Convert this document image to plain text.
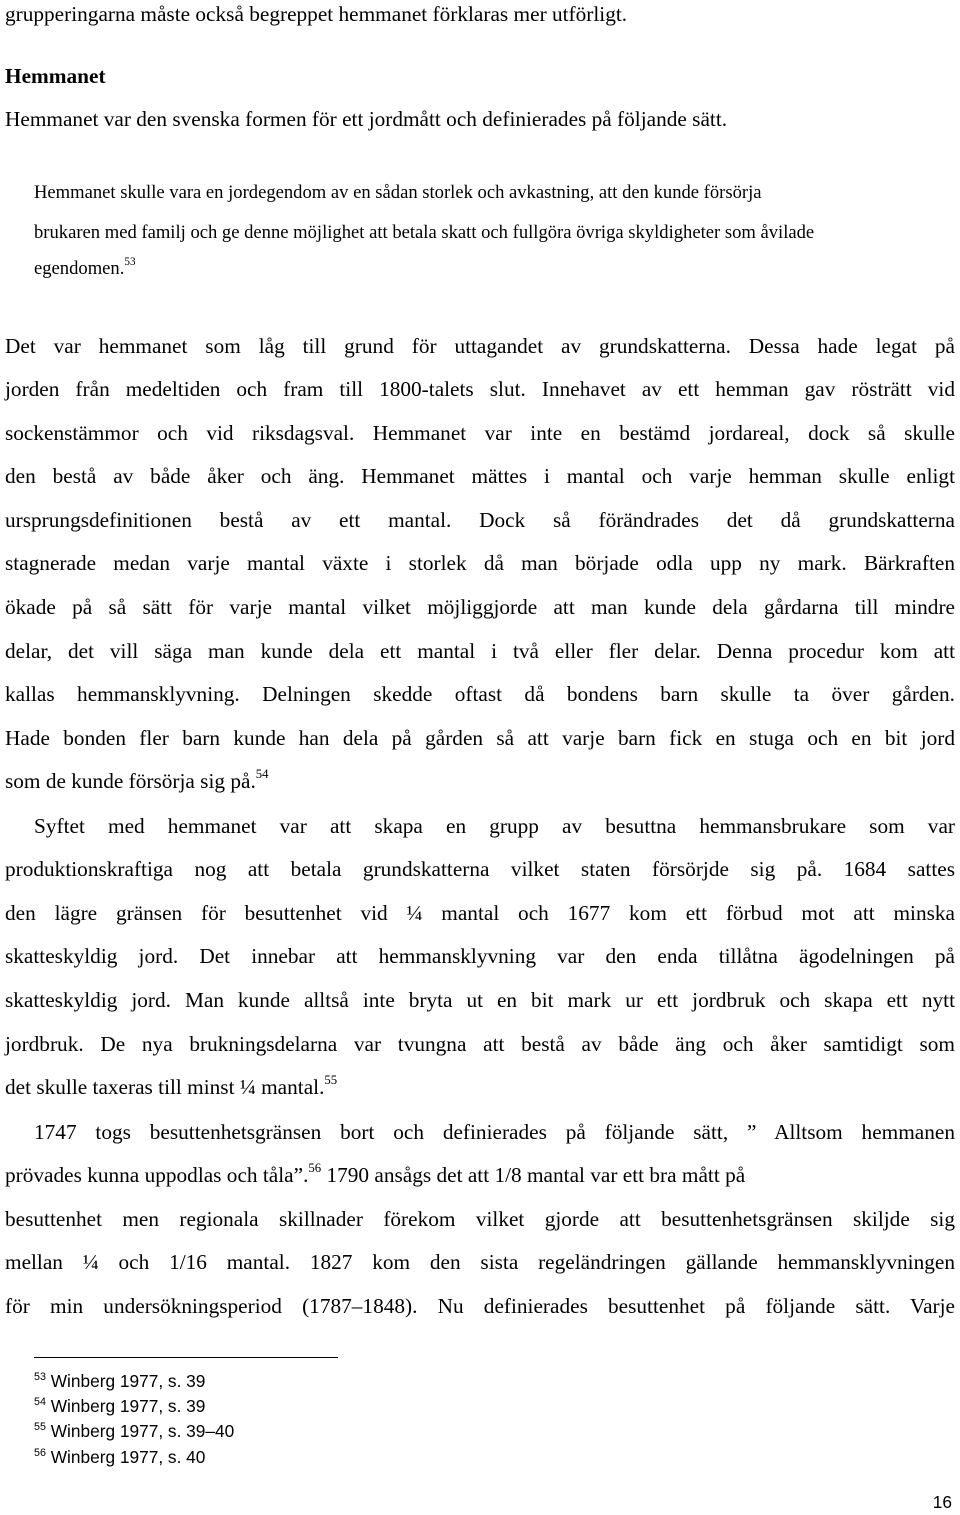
grupperingarna måste också begreppet hemmanet förklaras mer utförligt.
Hemmanet
Hemmanet var den svenska formen för ett jordmått och definierades på följande sätt.
Hemmanet skulle vara en jordegendom av en sådan storlek och avkastning, att den kunde försörja
brukaren med familj och ge denne möjlighet att betala skatt och fullgöra övriga skyldigheter som åvilade
egendomen.$^{53}$
Det var hemmanet som låg till grund för uttagandet av grundskatterna. Dessa hade legat på
jorden från medeltiden och fram till 1800-talets slut. Innehavet av ett hemman gav rösträtt vid
sockenstämmor och vid riksdagsval. Hemmanet var inte en bestämd jordareal, dock så skulle
den bestå av både åker och äng. Hemmanet mättes i mantal och varje hemman skulle enligt
ursprungsdefinitionen bestå av ett mantal. Dock så förändrades det då grundskatterna
stagnerade medan varje mantal växte i storlek då man började odla upp ny mark. Bärkraften
ökade på så sätt för varje mantal vilket möjliggjorde att man kunde dela gårdarna till mindre
delar, det vill säga man kunde dela ett mantal i två eller fler delar. Denna procedur kom att
kallas hemmansklyvning. Delningen skedde oftast då bondens barn skulle ta över gården.
Hade bonden fler barn kunde han dela på gården så att varje barn fick en stuga och en bit jord
som de kunde försörja sig på.$^{54}$
Syftet med hemmanet var att skapa en grupp av besuttna hemmansbrukare som var
produktionskraftiga nog att betala grundskatterna vilket staten försörjde sig på. 1684 sattes
den lägre gränsen för besuttenhet vid ¼ mantal och 1677 kom ett förbud mot att minska
skatteskyldig jord. Det innebar att hemmansklyvning var den enda tillåtna ägodelningen på
skatteskyldig jord. Man kunde alltså inte bryta ut en bit mark ur ett jordbruk och skapa ett nytt
jordbruk. De nya brukningsdelarna var tvungna att bestå av både äng och åker samtidigt som
det skulle taxeras till minst ¼ mantal.$^{55}$
1747 togs besuttenhetsgränsen bort och definierades på följande sätt, ” Alltsom hemmanen
prövades kunna uppodlas och tåla”.$^{56}$ 1790 ansågs det att 1/8 mantal var ett bra mått på
besuttenhet men regionala skillnader förekom vilket gjorde att besuttenhetsgränsen skiljde sig
mellan ¼ och 1/16 mantal. 1827 kom den sista regeländringen gällande hemmansklyvningen
för min undersökningsperiod (1787–1848). Nu definierades besuttenhet på följande sätt. Varje
$^{53}$ Winberg 1977, s. 39
$^{54}$ Winberg 1977, s. 39
$^{55}$ Winberg 1977, s. 39–40
$^{56}$ Winberg 1977, s. 40
16
